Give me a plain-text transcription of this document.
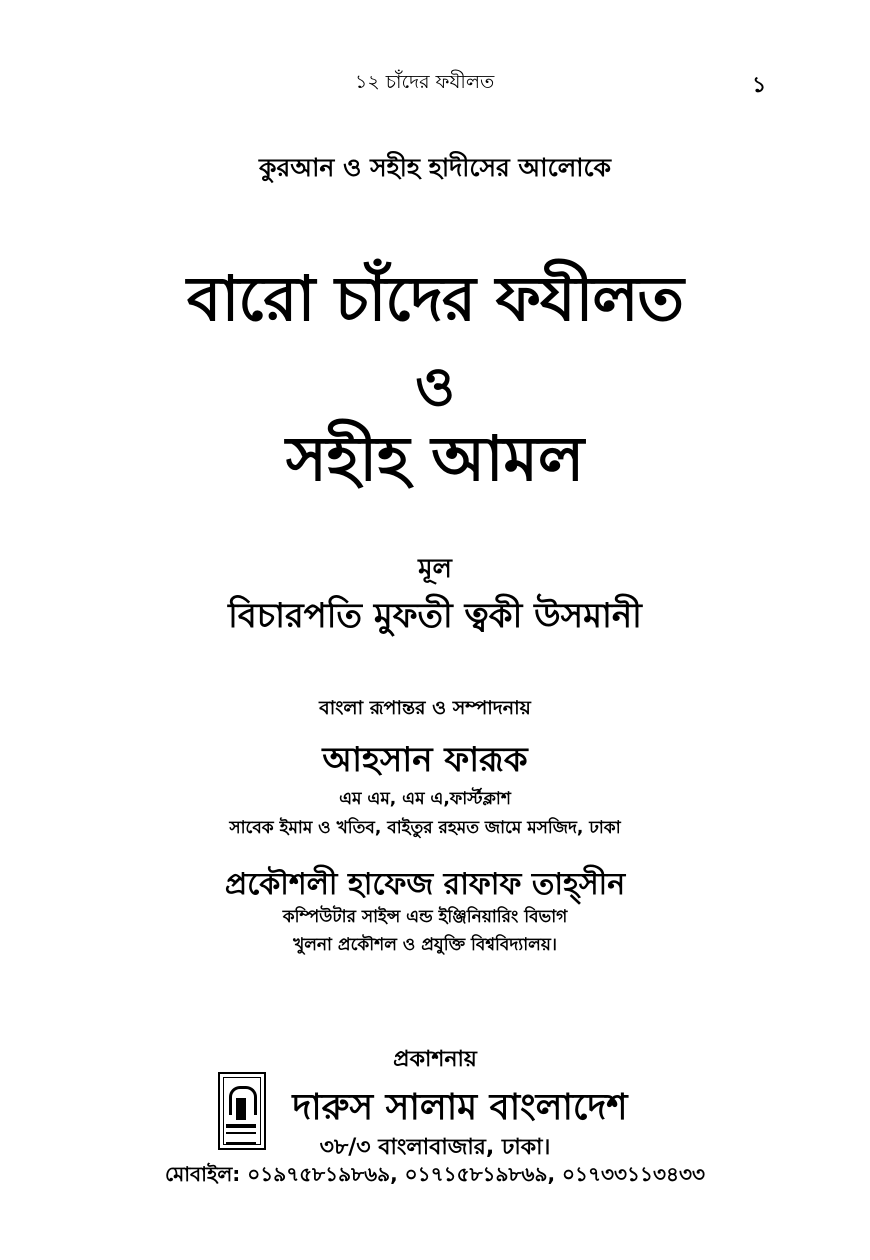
১২ চাঁদের ফযীলত	১
কুরআন ও সহীহ হাদীসের আলোকে
বারো চাঁদের ফযীলত
ও
সহীহ আমল
মূল
বিচারপতি মুফতী ত্বকী উসমানী
বাংলা রূপান্তর ও সম্পাদনায়
আহসান ফারূক
এম এম, এম এ,ফার্স্টক্লাশ
সাবেক ইমাম ও খতিব, বাইতুর রহমত জামে মসজিদ, ঢাকা
প্রকৌশলী হাফেজ রাফাফ তাহ্সীন
কম্পিউটার সাইন্স এন্ড ইঞ্জিনিয়ারিং বিভাগ
খুলনা প্রকৌশল ও প্রযুক্তি বিশ্ববিদ্যালয়।
প্রকাশনায়
দারুস সালাম বাংলাদেশ
৩৮/৩ বাংলাবাজার, ঢাকা।
মোবাইল: ০১৯৭৫৮১৯৮৬৯, ০১৭১৫৮১৯৮৬৯, ০১৭৩৩১১৩৪৩৩
